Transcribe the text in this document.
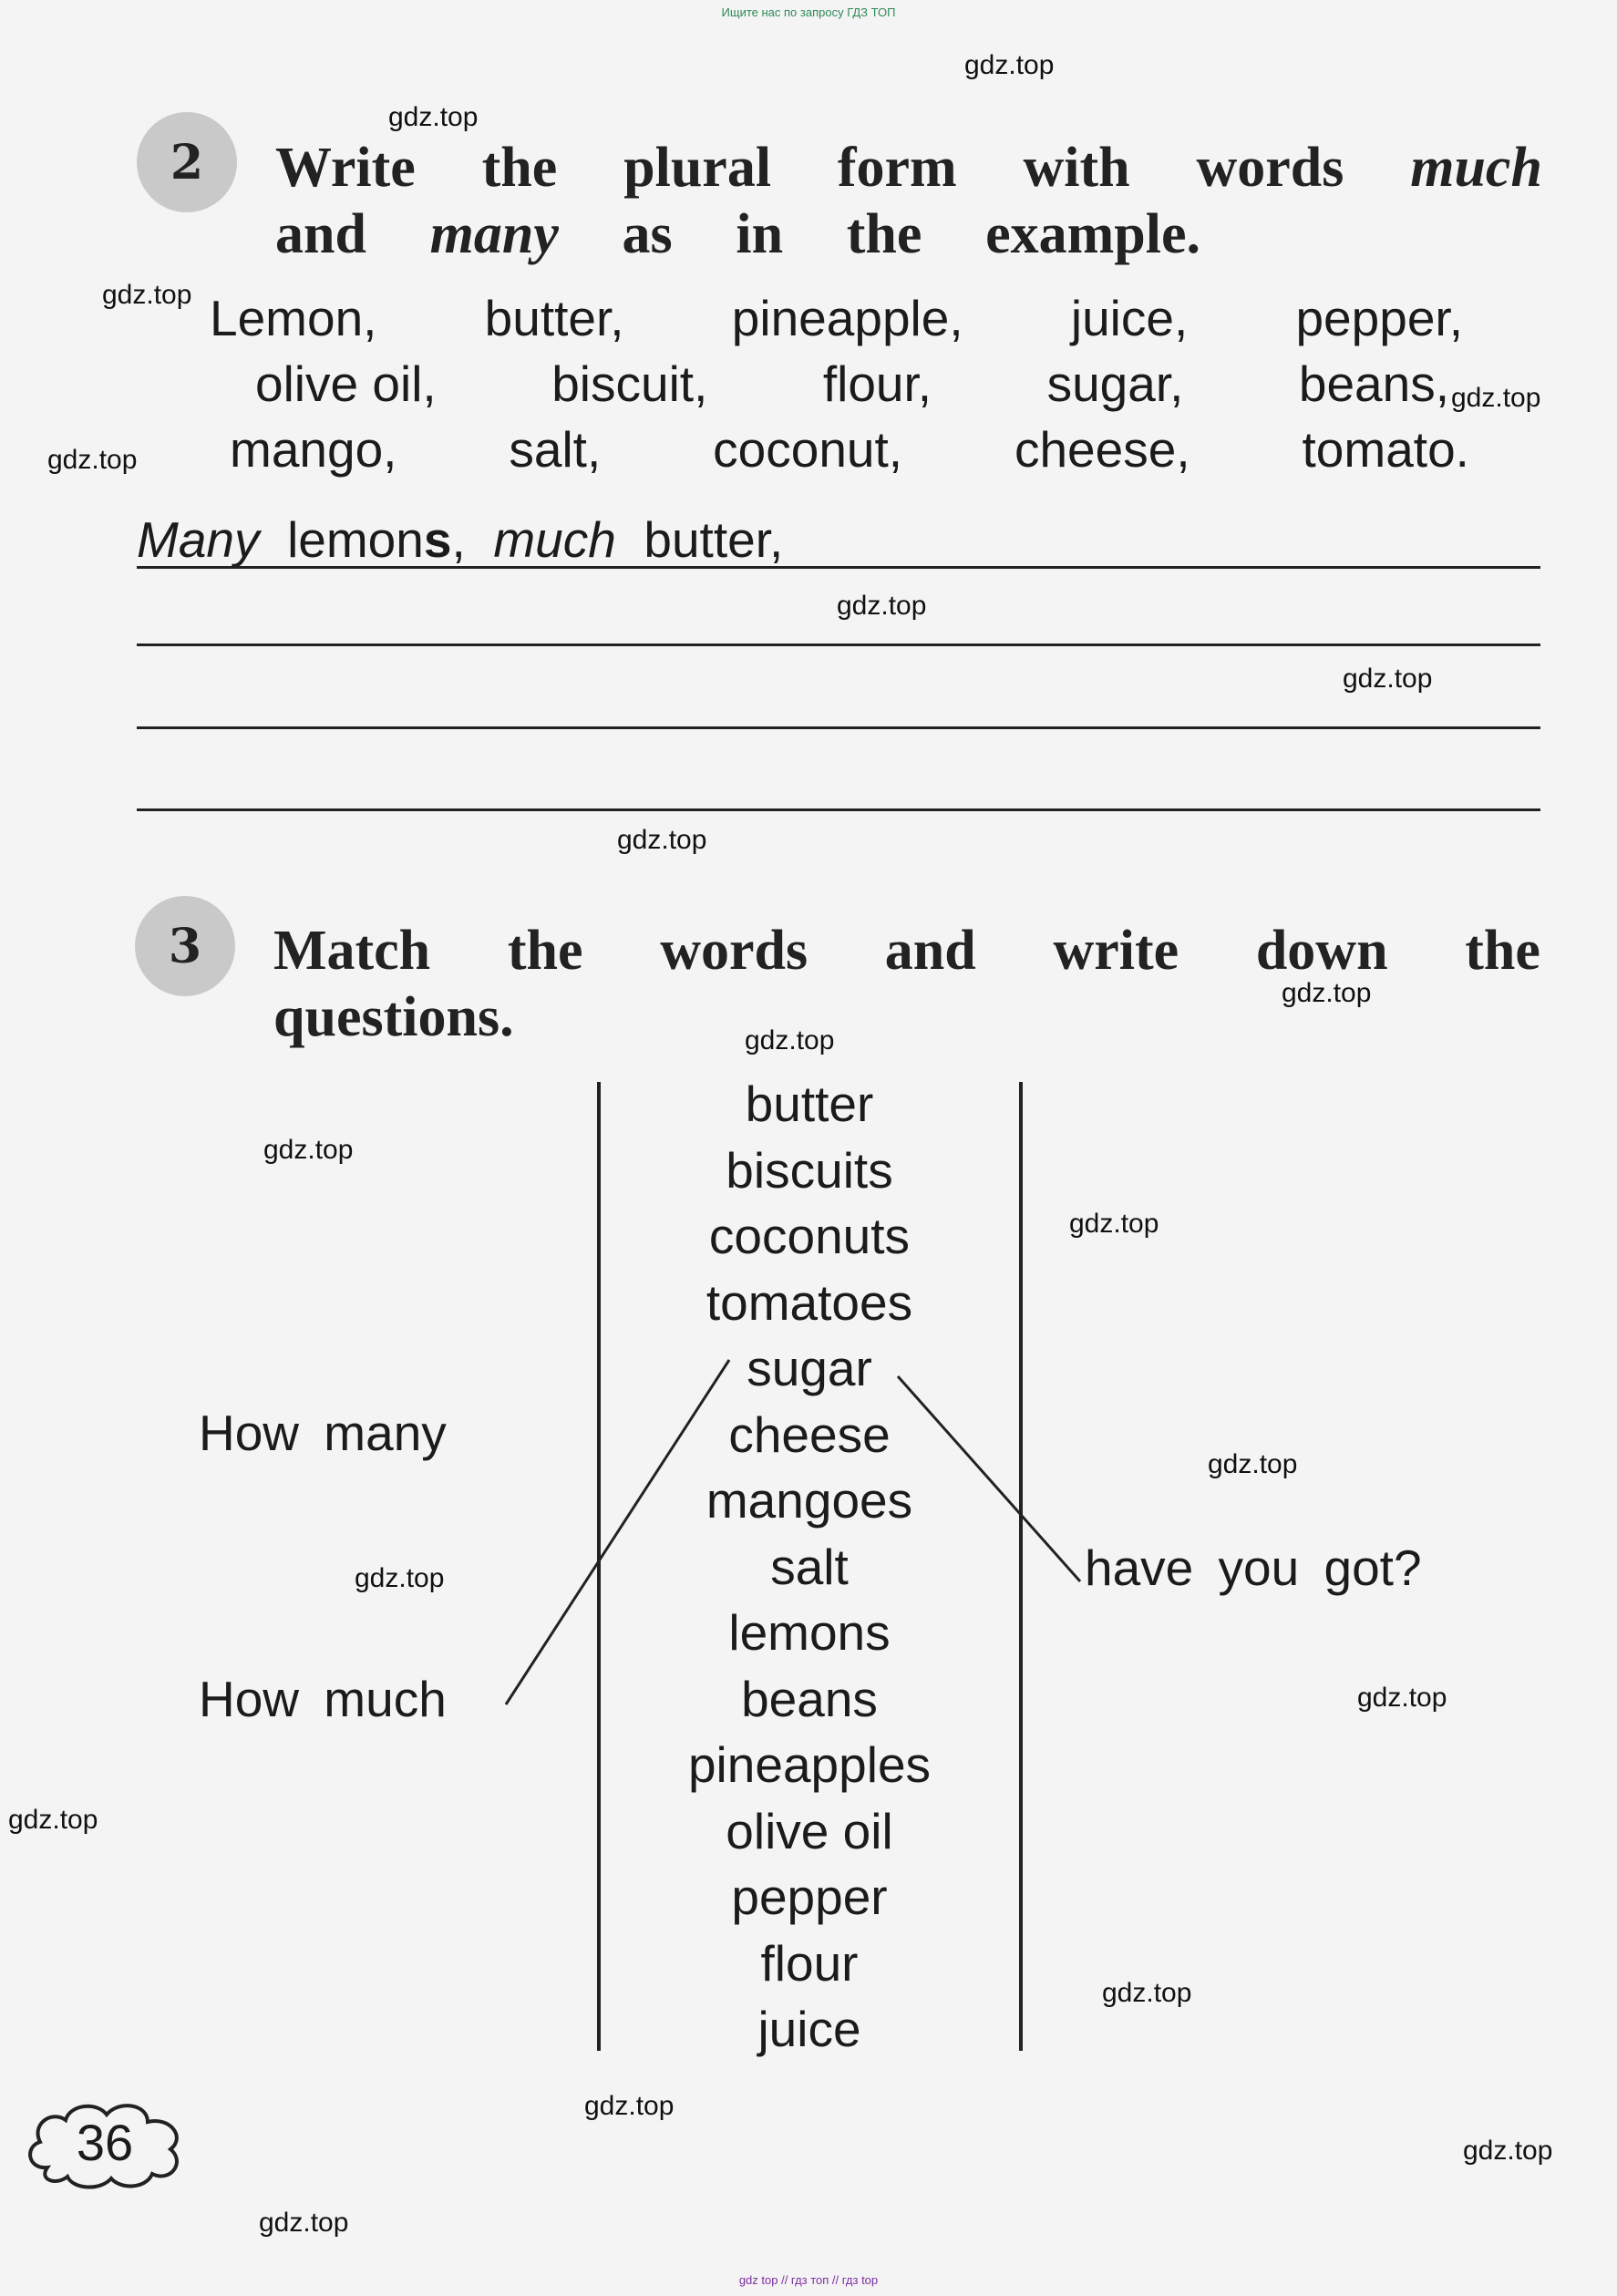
Ищите нас по запросу ГДЗ ТОП
gdz top // гдз топ // гдз top
gdz.top
gdz.top
gdz.top
gdz.top
gdz.top
gdz.top
gdz.top
gdz.top
gdz.top
gdz.top
gdz.top
gdz.top
gdz.top
gdz.top
gdz.top
gdz.top
gdz.top
gdz.top
gdz.top
gdz.top
2	Write the plural form with words much
and many as in the example.
Lemon, butter, pineapple, juice, pepper,
olive oil, biscuit, flour, sugar, beans,
mango, salt, coconut, cheese, tomato.
Many lemons, much butter,
3	Match the words and write down the
questions.
How many
How much
have you got?
butter
biscuits
coconuts
tomatoes
sugar
cheese
mangoes
salt
lemons
beans
pineapples
olive oil
pepper
flour
juice
36
